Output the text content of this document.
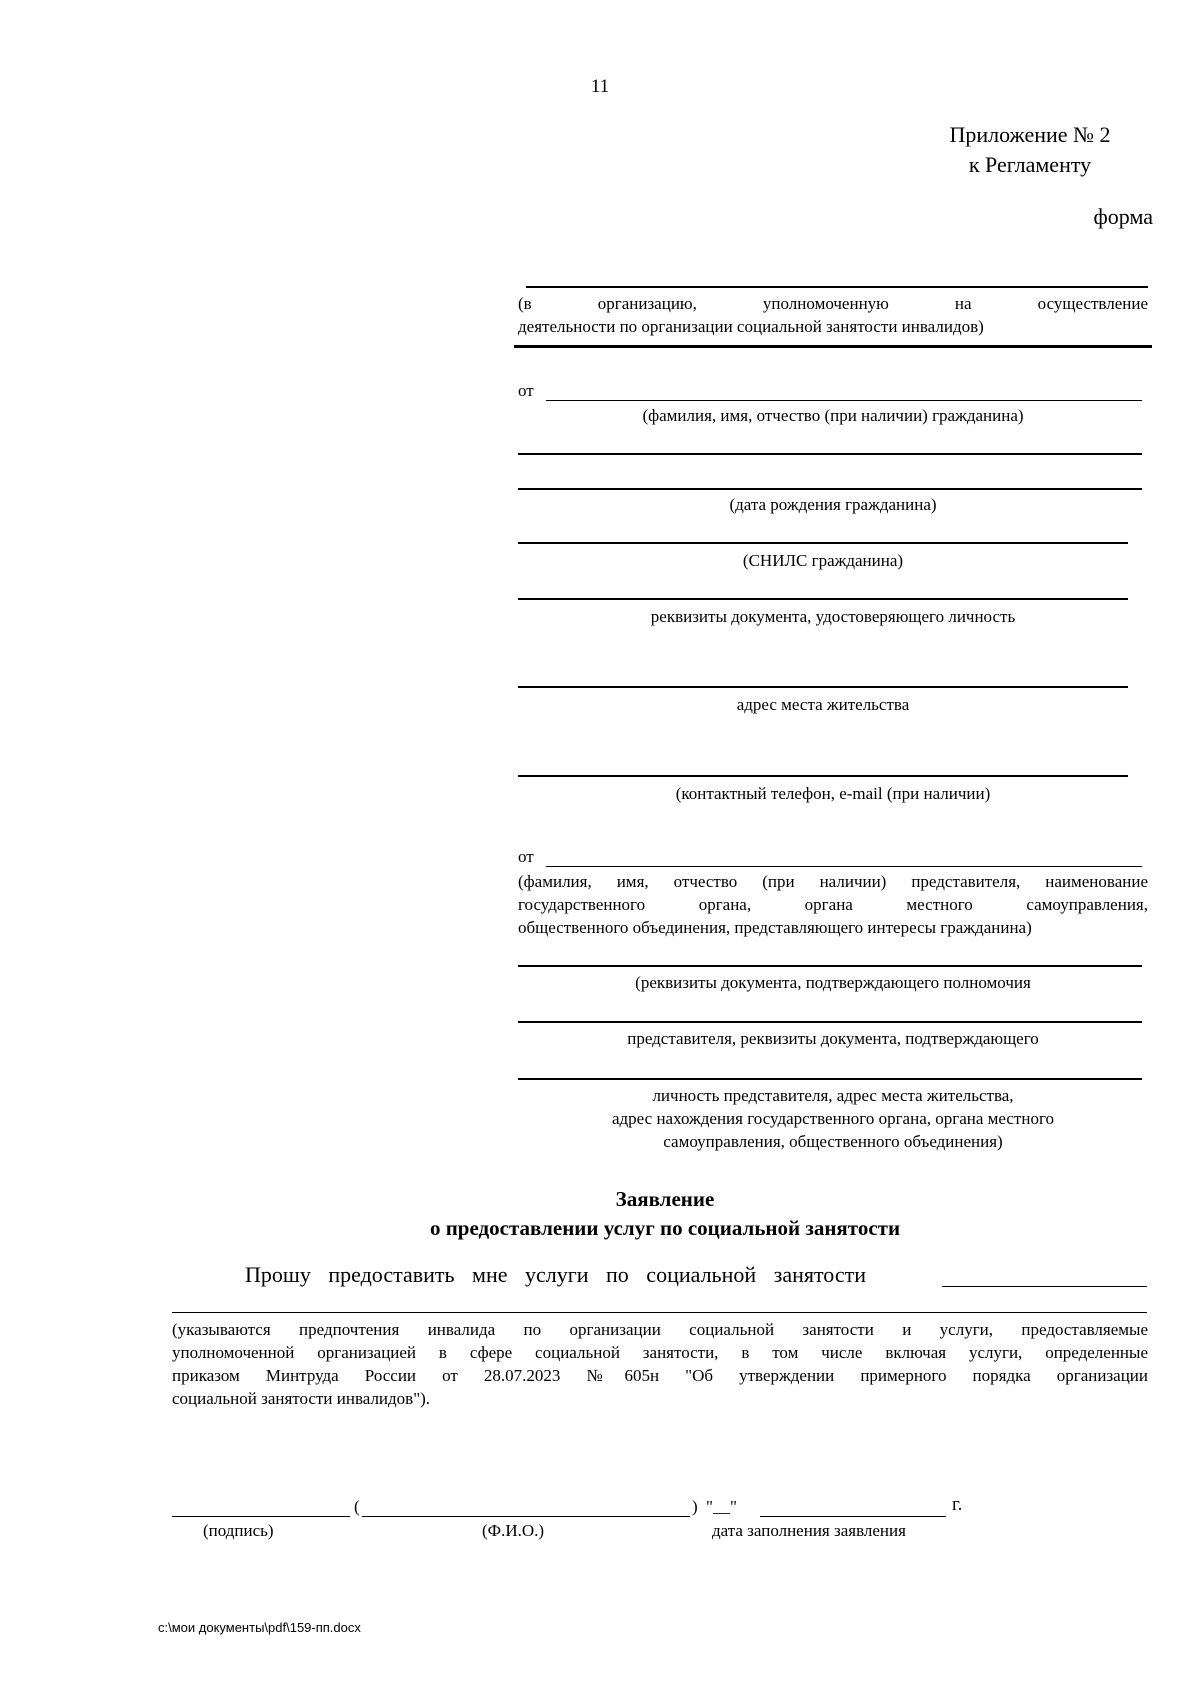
11
Приложение № 2
к Регламенту
форма
(в организацию, уполномоченную на осуществление
деятельности по организации социальной занятости инвалидов)
от
(фамилия, имя, отчество (при наличии) гражданина)
(дата рождения гражданина)
(СНИЛС гражданина)
реквизиты документа, удостоверяющего личность
адрес места жительства
(контактный телефон, e-mail (при наличии)
от
(фамилия, имя, отчество (при наличии) представителя, наименование
государственного органа, органа местного самоуправления,
общественного объединения, представляющего интересы гражданина)
(реквизиты документа, подтверждающего полномочия
представителя, реквизиты документа, подтверждающего
личность представителя, адрес места жительства,
адрес нахождения государственного органа, органа местного
самоуправления, общественного объединения)
Заявление
о предоставлении услуг по социальной занятости
Прошу предоставить мне услуги по социальной занятости
(указываются предпочтения инвалида по организации социальной занятости и услуги, предоставляемые
уполномоченной организацией в сфере социальной занятости, в том числе включая услуги, определенные
приказом Минтруда России от 28.07.2023 №605н "Об утверждении примерного порядка организации
социальной занятости инвалидов").
(	) "__"	г.
(подпись)	(Ф.И.О.)	дата заполнения заявления
c:\мои документы\pdf\159-пп.docx
